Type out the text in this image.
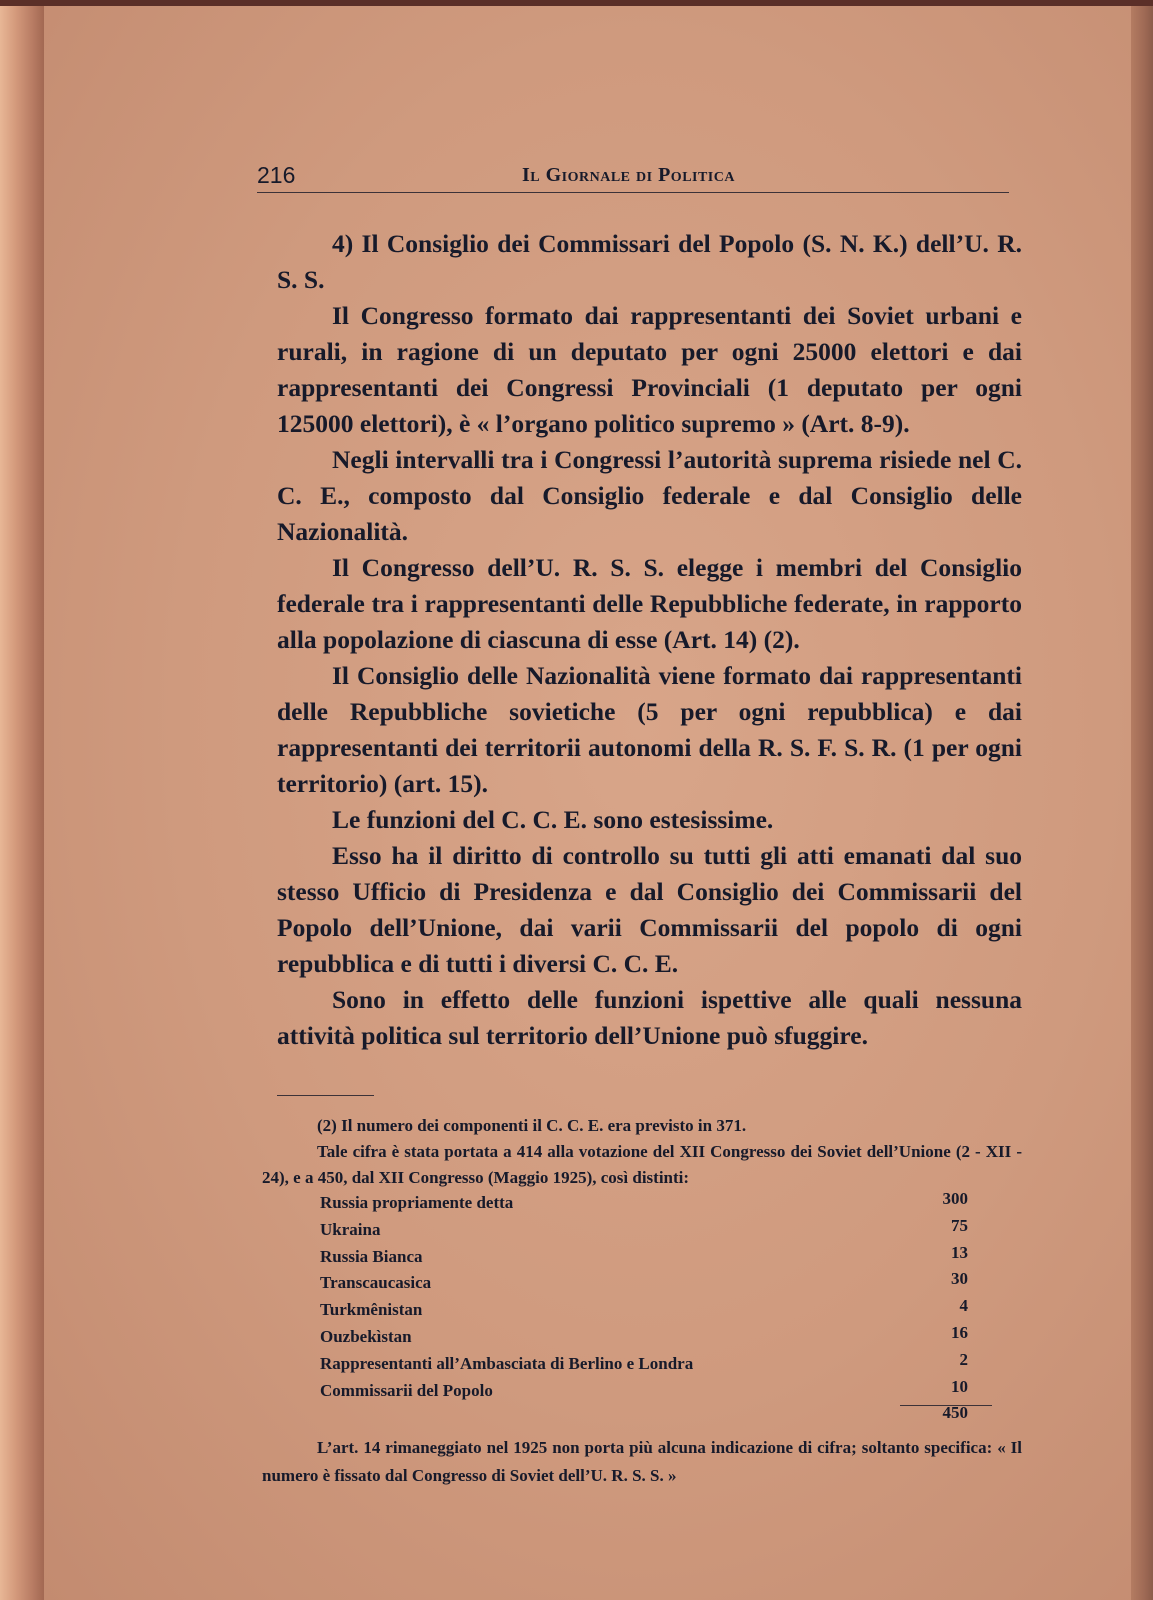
216	Il Giornale di Politica

4) Il Consiglio dei Commissari del Popolo (S. N. K.) dell’U. R. S. S.

Il Congresso formato dai rappresentanti dei Soviet urbani e rurali, in ragione di un deputato per ogni 25000 elettori e dai rappresentanti dei Congressi Provinciali (1 deputato per ogni 125000 elettori), è « l’organo politico supremo » (Art. 8-9).

Negli intervalli tra i Congressi l’autorità suprema risiede nel C. C. E., composto dal Consiglio federale e dal Consiglio delle Nazionalità.

Il Congresso dell’U. R. S. S. elegge i membri del Consiglio federale tra i rappresentanti delle Repubbliche federate, in rapporto alla popolazione di ciascuna di esse (Art. 14) (2).

Il Consiglio delle Nazionalità viene formato dai rappresentanti delle Repubbliche sovietiche (5 per ogni repubblica) e dai rappresentanti dei territorii autonomi della R. S. F. S. R. (1 per ogni territorio) (art. 15).

Le funzioni del C. C. E. sono estesissime.

Esso ha il diritto di controllo su tutti gli atti emanati dal suo stesso Ufficio di Presidenza e dal Consiglio dei Commissarii del Popolo dell’Unione, dai varii Commissarii del popolo di ogni repubblica e di tutti i diversi C. C. E.

Sono in effetto delle funzioni ispettive alle quali nessuna attività politica sul territorio dell’Unione può sfuggire.

(2) Il numero dei componenti il C. C. E. era previsto in 371.

Tale cifra è stata portata a 414 alla votazione del XII Congresso dei Soviet dell’Unione (2 - XII - 24), e a 450, dal XII Congresso (Maggio 1925), così distinti:

Russia propriamente detta	300
Ukraina	75
Russia Bianca	13
Transcaucasica	30
Turkmênistan	4
Ouzbekìstan	16
Rappresentanti all’Ambasciata di Berlino e Londra	2
Commissarii del Popolo	10
450

L’art. 14 rimaneggiato nel 1925 non porta più alcuna indicazione di cifra; soltanto specifica: « Il numero è fissato dal Congresso di Soviet dell’U. R. S. S. »
